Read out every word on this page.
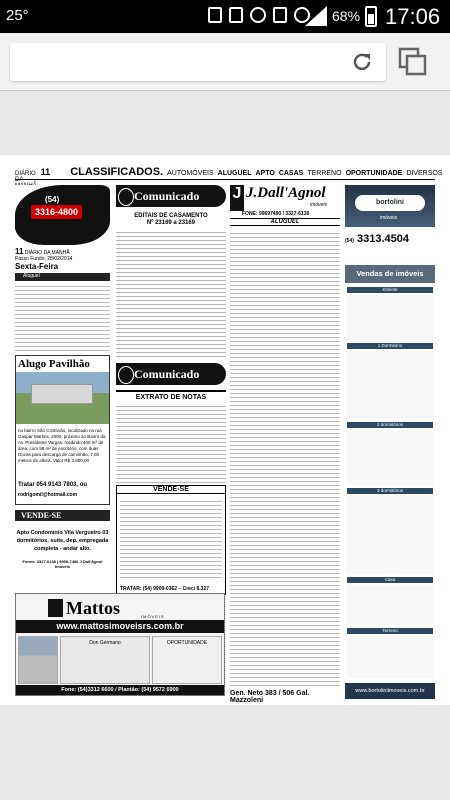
25°	68% 17:06
DIÁRIO DA
11 CLASSIFICADOS. AUTOMÓVEIS ALUGUEL APTO CASAS TERRENO OPORTUNIDADE DIVERSOS
(54)
3316-4800
11 DIÁRIO DA MANHÃ
Passo Fundo, 28/02/2014
Sexta-Feira
Aluguel
Alugo Pavilhão
no bairro São Cristóvão, localizado na rua Gaspar Martins, 2000, próximo ao Bairro da Av. Presidente Vargas, medindo 400 m² de área, com 98 m² de escritório, com duas Docas para descarga de caminhão, 7,00 metros de altura. Valor R$ 3.800,00
Tratar 054 9143 7803, ou
rodrigomil@hotmail.com
VENDE-SE
Apto Condomínio Vila Vergueiro 03 dormitórios, suíte, dep. empregada completa - andar alto.
Fones: 3327-6138 | 9908-7496 J.Dall'Agnol Imóveis
Comunicado
EDITAIS DE CASAMENTO
Nº 23169 a 23169
Comunicado
EXTRATO DE NOTAS
VENDE-SE
TRATAR: (54) 9909-0362 – Creci 8.327
J J.Dall'Agnol
imóveis
FONE: 99697490 / 3327-6136
ALUGUEL
Gen. Neto 383 / 506 Gal. Mazzoleni
bortolini
imóveis
(54) 3313.4504
Vendas de imóveis
Kitinete
1 Dormitório
2 dormitórios
3 dormitórios
Casa
Terreno
www.bortoliniimoveis.com.br
Mattos	IMÓVEIS
www.mattosimoveisrs.com.br
Don Germano	OPORTUNIDADE
Fone: (54)3312 6600 / Plantão: (54) 9572 6900
